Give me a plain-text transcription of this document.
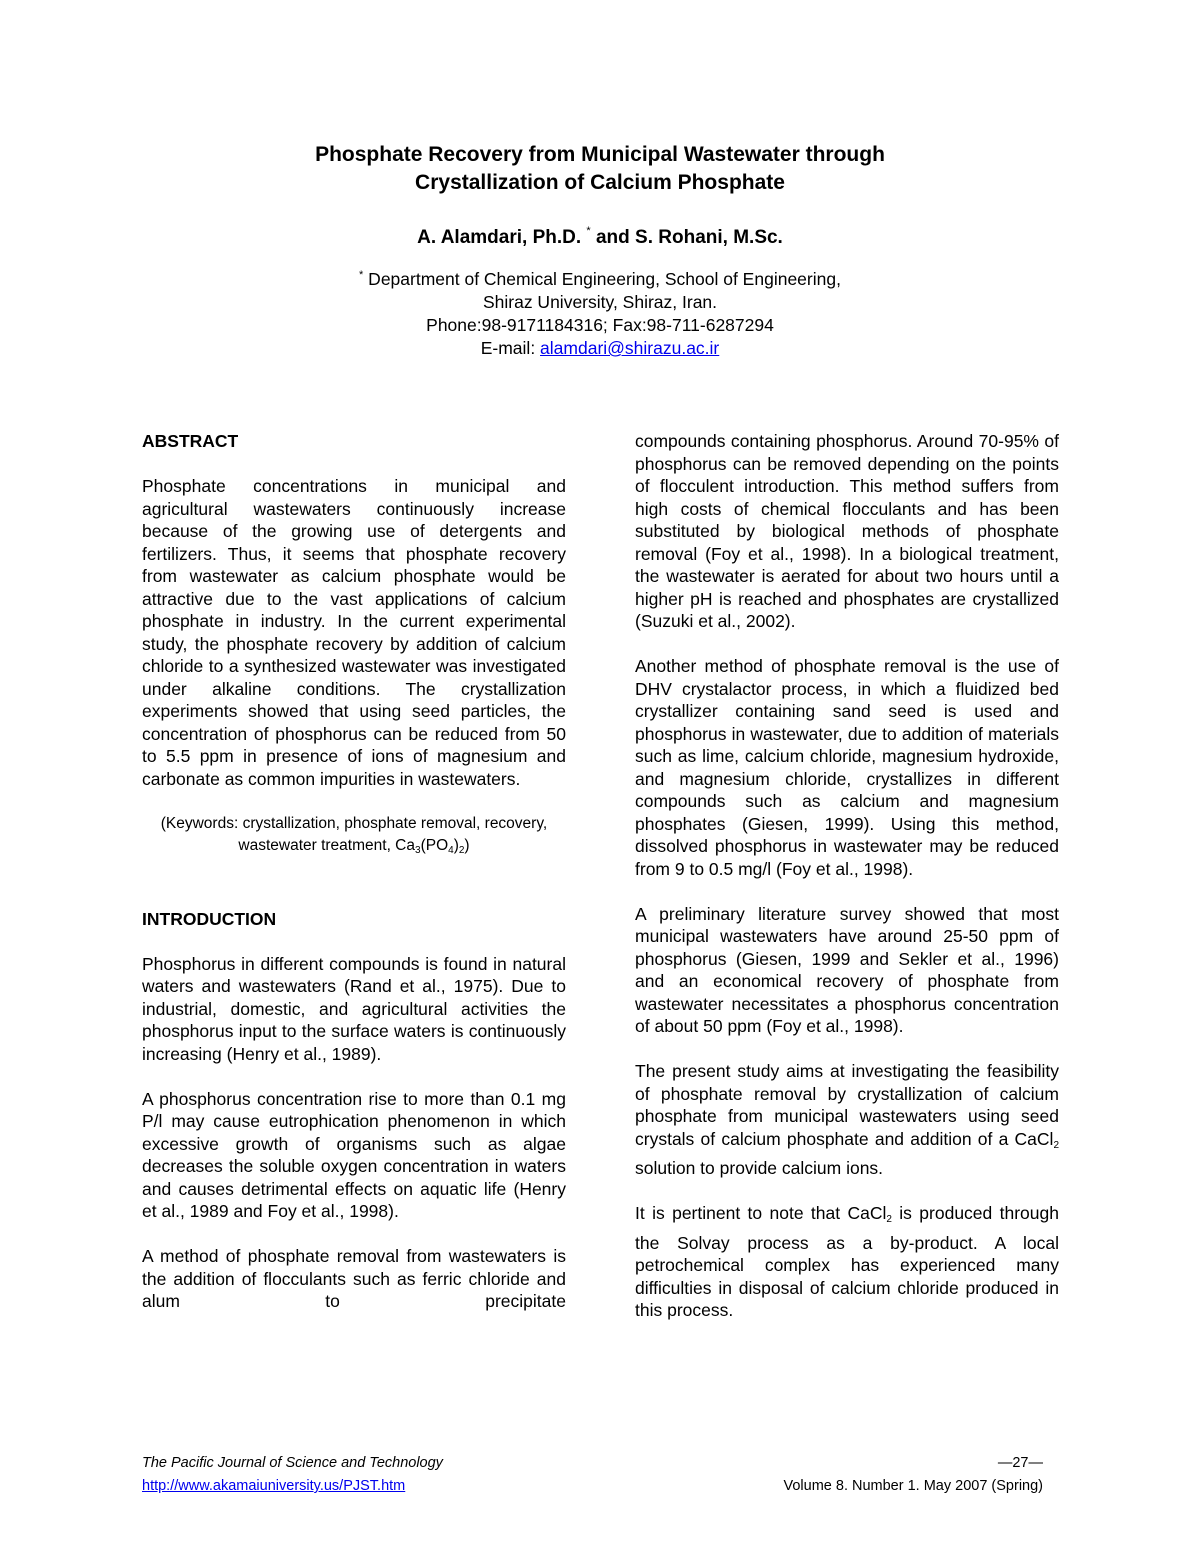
Phosphate Recovery from Municipal Wastewater through
Crystallization of Calcium Phosphate
A. Alamdari, Ph.D. * and S. Rohani, M.Sc.
* Department of Chemical Engineering, School of Engineering,
Shiraz University, Shiraz, Iran.
Phone:98-9171184316; Fax:98-711-6287294
E-mail: alamdari@shirazu.ac.ir
ABSTRACT

Phosphate concentrations in municipal and agricultural wastewaters continuously increase because of the growing use of detergents and fertilizers. Thus, it seems that phosphate recovery from wastewater as calcium phosphate would be attractive due to the vast applications of calcium phosphate in industry. In the current experimental study, the phosphate recovery by addition of calcium chloride to a synthesized wastewater was investigated under alkaline conditions. The crystallization experiments showed that using seed particles, the concentration of phosphorus can be reduced from 50 to 5.5 ppm in presence of ions of magnesium and carbonate as common impurities in wastewaters.

(Keywords: crystallization, phosphate removal, recovery, wastewater treatment, $Ca_3(PO_4)_2$)

INTRODUCTION

Phosphorus in different compounds is found in natural waters and wastewaters (Rand et al., 1975). Due to industrial, domestic, and agricultural activities the phosphorus input to the surface waters is continuously increasing (Henry et al., 1989).

A phosphorus concentration rise to more than 0.1 mg P/l may cause eutrophication phenomenon in which excessive growth of organisms such as algae decreases the soluble oxygen concentration in waters and causes detrimental effects on aquatic life (Henry et al., 1989 and Foy et al., 1998).

A method of phosphate removal from wastewaters is the addition of flocculants such as ferric chloride and alum to precipitate

compounds containing phosphorus. Around 70-95% of phosphorus can be removed depending on the points of flocculent introduction. This method suffers from high costs of chemical flocculants and has been substituted by biological methods of phosphate removal (Foy et al., 1998). In a biological treatment, the wastewater is aerated for about two hours until a higher pH is reached and phosphates are crystallized (Suzuki et al., 2002).

Another method of phosphate removal is the use of DHV crystalactor process, in which a fluidized bed crystallizer containing sand seed is used and phosphorus in wastewater, due to addition of materials such as lime, calcium chloride, magnesium hydroxide, and magnesium chloride, crystallizes in different compounds such as calcium and magnesium phosphates (Giesen, 1999). Using this method, dissolved phosphorus in wastewater may be reduced from 9 to 0.5 mg/l (Foy et al., 1998).

A preliminary literature survey showed that most municipal wastewaters have around 25-50 ppm of phosphorus (Giesen, 1999 and Sekler et al., 1996) and an economical recovery of phosphate from wastewater necessitates a phosphorus concentration of about 50 ppm (Foy et al., 1998).

The present study aims at investigating the feasibility of phosphate removal by crystallization of calcium phosphate from municipal wastewaters using seed crystals of calcium phosphate and addition of a CaCl$_2$ solution to provide calcium ions.

It is pertinent to note that CaCl$_2$ is produced through the Solvay process as a by-product. A local petrochemical complex has experienced many difficulties in disposal of calcium chloride produced in this process.

The Pacific Journal of Science and Technology
http://www.akamaiuniversity.us/PJST.htm
—27—
Volume 8. Number 1. May 2007 (Spring)
